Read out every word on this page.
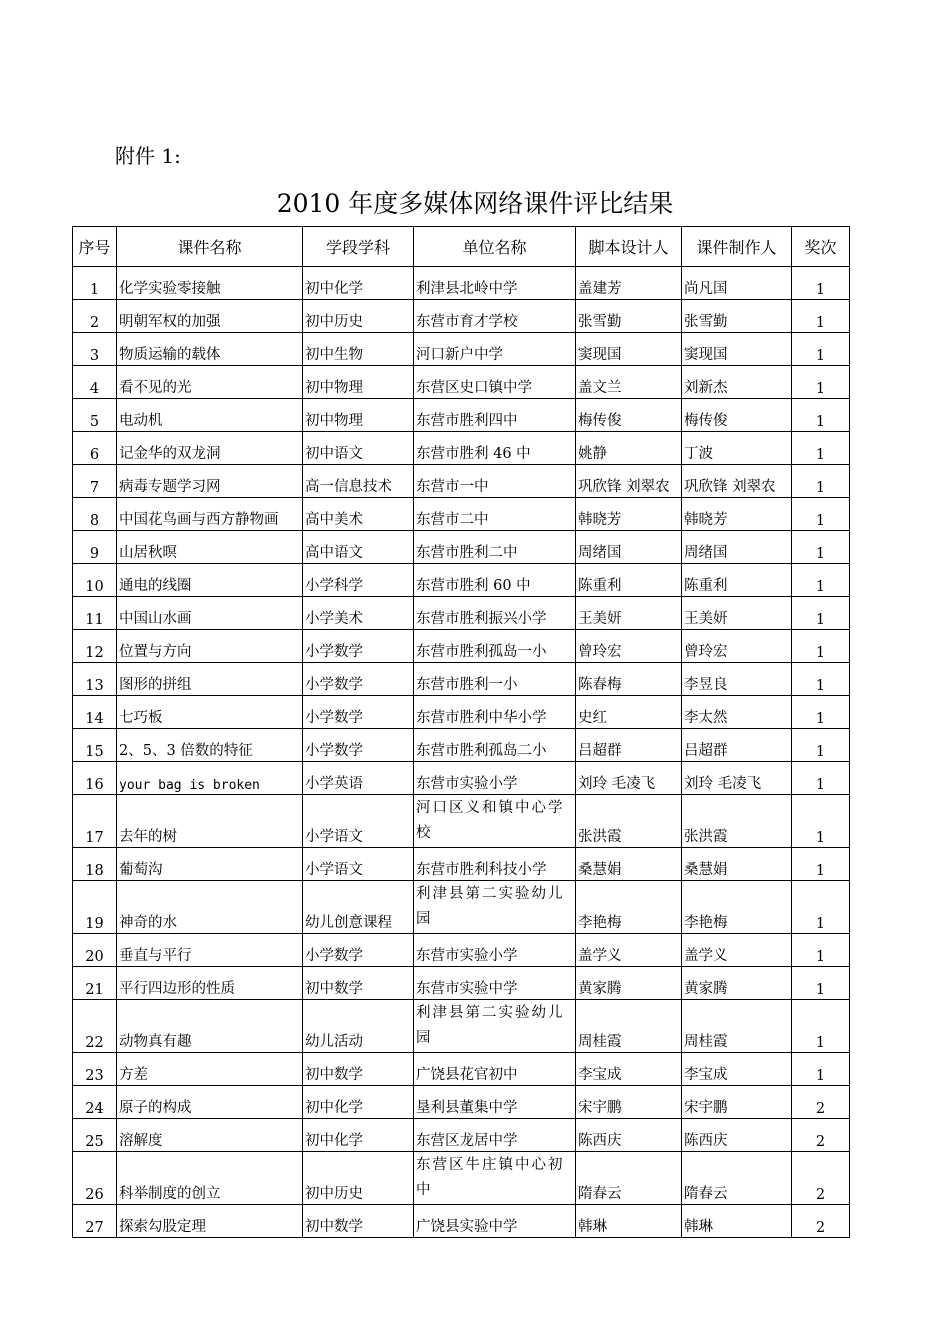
附件 1:
2010 年度多媒体网络课件评比结果
序号	课件名称	学段学科	单位名称	脚本设计人	课件制作人	奖次
1	化学实验零接触	初中化学	利津县北岭中学	盖建芳	尚凡国	1
2	明朝军权的加强	初中历史	东营市育才学校	张雪勤	张雪勤	1
3	物质运输的载体	初中生物	河口新户中学	窦现国	窦现国	1
4	看不见的光	初中物理	东营区史口镇中学	盖文兰	刘新杰	1
5	电动机	初中物理	东营市胜利四中	梅传俊	梅传俊	1
6	记金华的双龙洞	初中语文	东营市胜利 46 中	姚静	丁波	1
7	病毒专题学习网	高一信息技术	东营市一中	巩欣锋 刘翠农	巩欣锋 刘翠农	1
8	中国花鸟画与西方静物画	高中美术	东营市二中	韩晓芳	韩晓芳	1
9	山居秋暝	高中语文	东营市胜利二中	周绪国	周绪国	1
10	通电的线圈	小学科学	东营市胜利 60 中	陈重利	陈重利	1
11	中国山水画	小学美术	东营市胜利振兴小学	王美妍	王美妍	1
12	位置与方向	小学数学	东营市胜利孤岛一小	曾玲宏	曾玲宏	1
13	图形的拼组	小学数学	东营市胜利一小	陈春梅	李昱良	1
14	七巧板	小学数学	东营市胜利中华小学	史红	李太然	1
15	2、5、3 倍数的特征	小学数学	东营市胜利孤岛二小	吕超群	吕超群	1
16	your bag is broken	小学英语	东营市实验小学	刘玲 毛凌飞	刘玲 毛凌飞	1
17	去年的树	小学语文	河口区义和镇中心学校	张洪霞	张洪霞	1
18	葡萄沟	小学语文	东营市胜利科技小学	桑慧娟	桑慧娟	1
19	神奇的水	幼儿创意课程	利津县第二实验幼儿园	李艳梅	李艳梅	1
20	垂直与平行	小学数学	东营市实验小学	盖学义	盖学义	1
21	平行四边形的性质	初中数学	东营市实验中学	黄家腾	黄家腾	1
22	动物真有趣	幼儿活动	利津县第二实验幼儿园	周桂霞	周桂霞	1
23	方差	初中数学	广饶县花官初中	李宝成	李宝成	1
24	原子的构成	初中化学	垦利县董集中学	宋宇鹏	宋宇鹏	2
25	溶解度	初中化学	东营区龙居中学	陈西庆	陈西庆	2
26	科举制度的创立	初中历史	东营区牛庄镇中心初中	隋春云	隋春云	2
27	探索勾股定理	初中数学	广饶县实验中学	韩琳	韩琳	2
